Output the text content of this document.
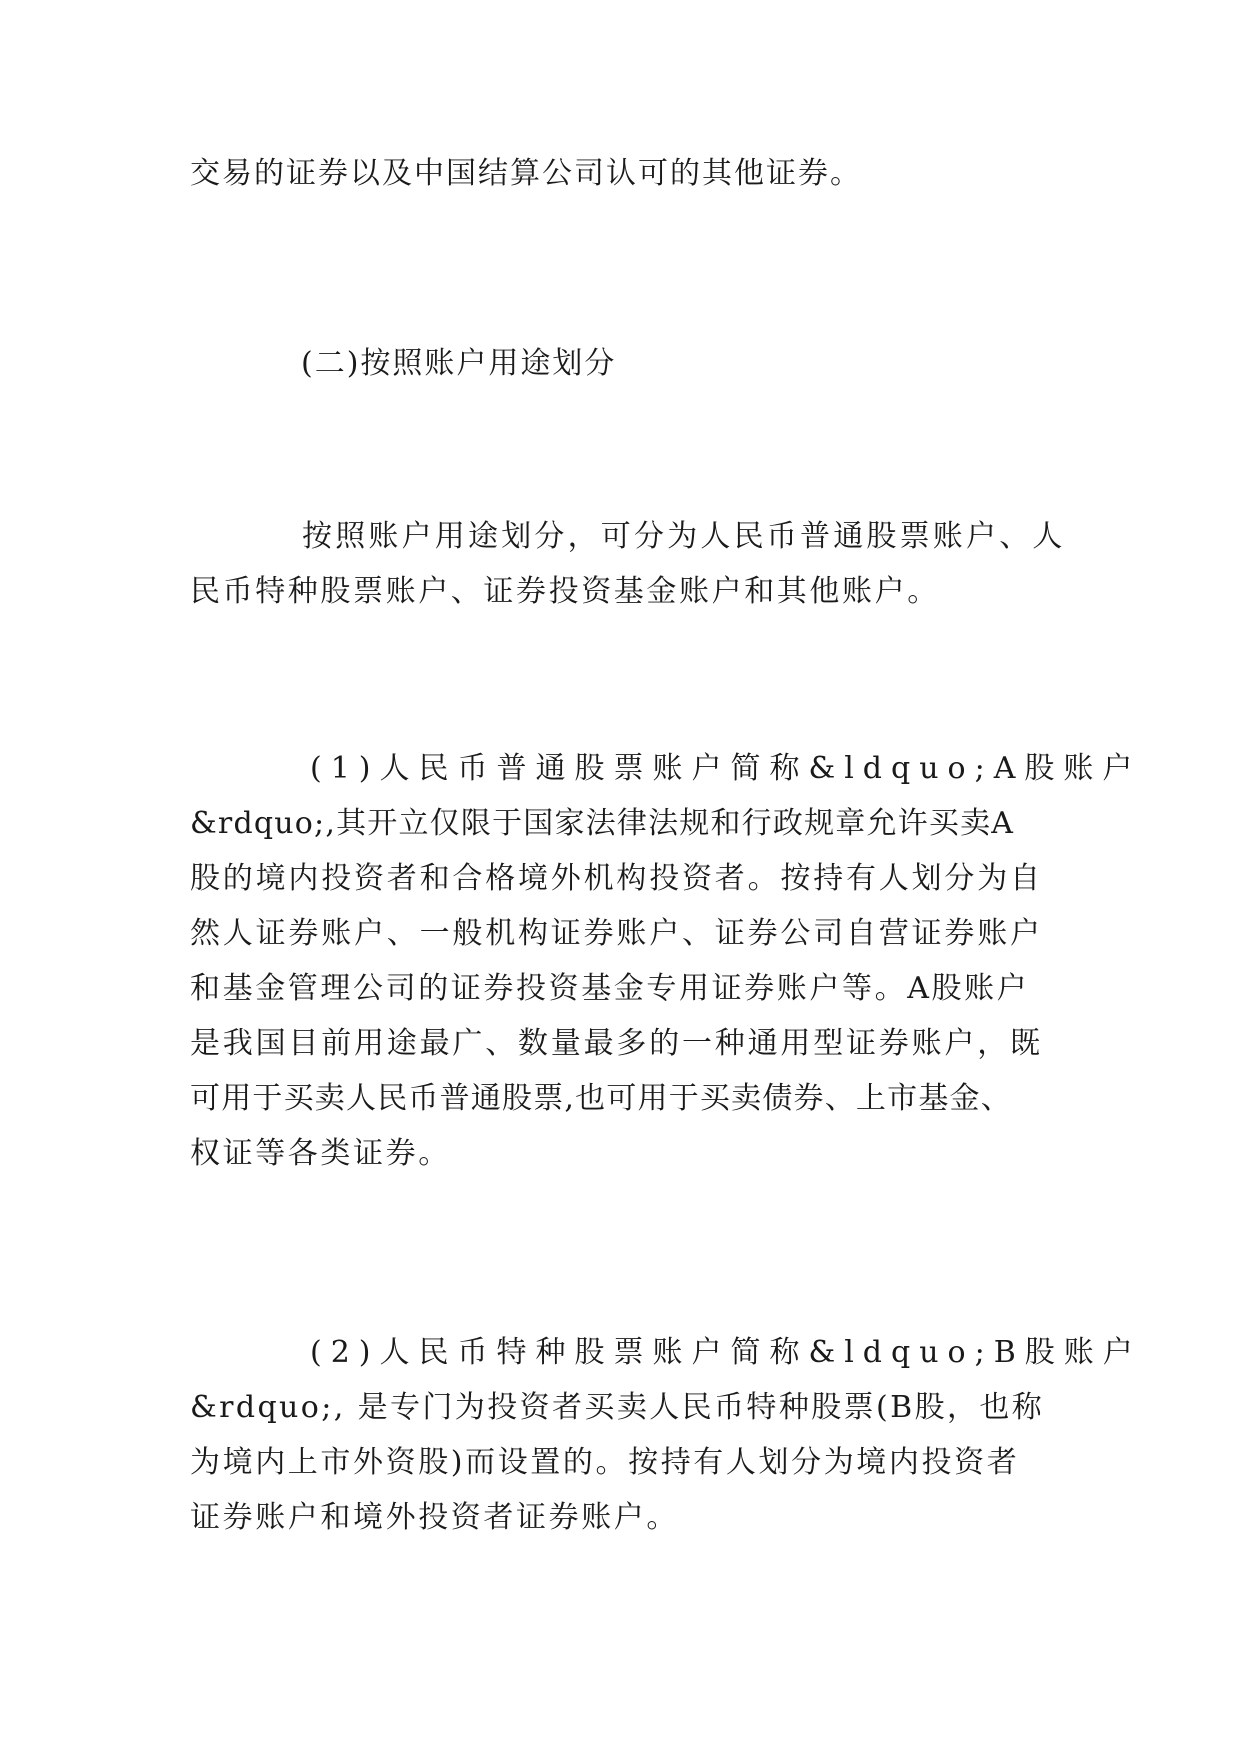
交易的证券以及中国结算公司认可的其他证券。

(二)按照账户用途划分

按照账户用途划分，可分为人民币普通股票账户、人
民币特种股票账户、证券投资基金账户和其他账户。

(1)人民币普通股票账户简称&ldquo;A股账户
&rdquo;,其开立仅限于国家法律法规和行政规章允许买卖A
股的境内投资者和合格境外机构投资者。按持有人划分为自
然人证券账户、一般机构证券账户、证券公司自营证券账户
和基金管理公司的证券投资基金专用证券账户等。A股账户
是我国目前用途最广、数量最多的一种通用型证券账户，既
可用于买卖人民币普通股票,也可用于买卖债券、上市基金、
权证等各类证券。

(2)人民币特种股票账户简称&ldquo;B股账户
&rdquo;, 是专门为投资者买卖人民币特种股票(B股，也称
为境内上市外资股)而设置的。按持有人划分为境内投资者
证券账户和境外投资者证券账户。
